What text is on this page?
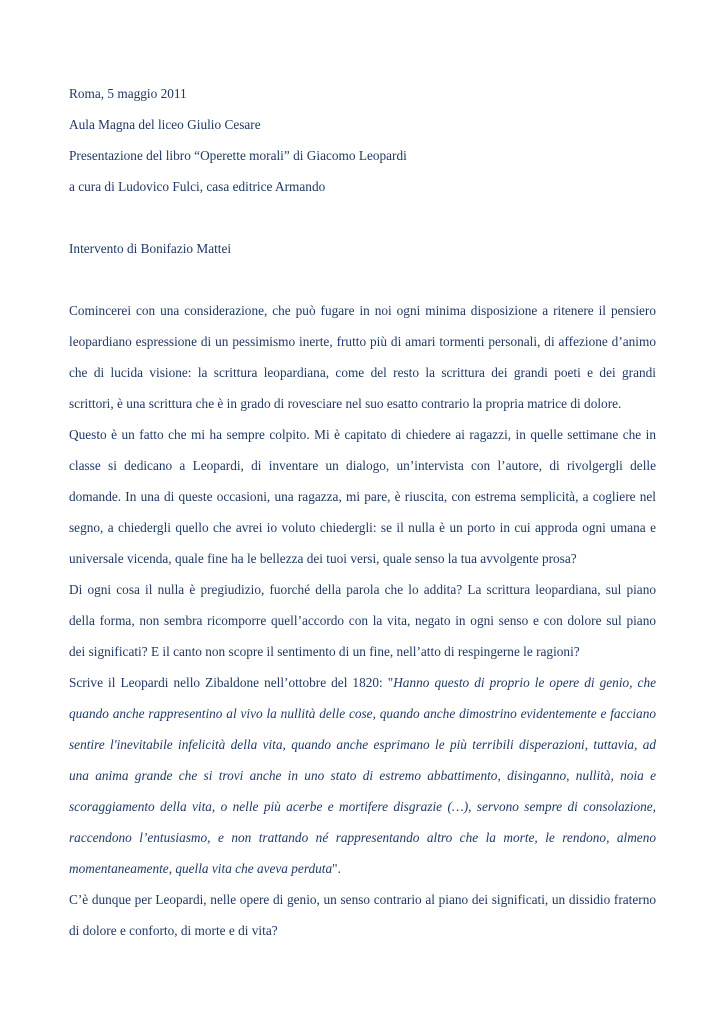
Roma, 5 maggio 2011
Aula Magna del liceo Giulio Cesare
Presentazione del libro “Operette morali” di Giacomo Leopardi
a cura di Ludovico Fulci, casa editrice Armando
Intervento di Bonifazio Mattei
Comincerei con una considerazione, che può fugare in noi ogni minima disposizione a ritenere il pensiero
leopardiano espressione di un pessimismo inerte, frutto più di amari tormenti personali, di affezione d’animo
che di lucida visione: la scrittura leopardiana, come del resto la scrittura dei grandi poeti e dei grandi
scrittori, è una scrittura che è in grado di rovesciare nel suo esatto contrario la propria matrice di dolore.
Questo è un fatto che mi ha sempre colpito. Mi è capitato di chiedere ai ragazzi, in quelle settimane che in
classe si dedicano a Leopardi, di inventare un dialogo, un’intervista con l’autore, di rivolgergli delle
domande. In una di queste occasioni, una ragazza, mi pare, è riuscita, con estrema semplicità, a cogliere nel
segno, a chiedergli quello che avrei io voluto chiedergli: se il nulla è un porto in cui approda ogni umana e
universale vicenda, quale fine ha le bellezza dei tuoi versi, quale senso la tua avvolgente prosa?
Di ogni cosa il nulla è pregiudizio, fuorché della parola che lo addita? La scrittura leopardiana, sul piano
della forma, non sembra ricomporre quell’accordo con la vita, negato in ogni senso e con dolore sul piano
dei significati? E il canto non scopre il sentimento di un fine, nell’atto di respingerne le ragioni?
Scrive il Leopardi nello Zibaldone nell’ottobre del 1820: "Hanno questo di proprio le opere di genio, che
quando anche rappresentino al vivo la nullità delle cose, quando anche dimostrino evidentemente e facciano
sentire l'inevitabile infelicità della vita, quando anche esprimano le più terribili disperazioni, tuttavia, ad
una anima grande che si trovi anche in uno stato di estremo abbattimento, disinganno, nullità, noia e
scoraggiamento della vita, o nelle più acerbe e mortifere disgrazie (…), servono sempre di consolazione,
raccendono l’entusiasmo, e non trattando né rappresentando altro che la morte, le rendono, almeno
momentaneamente, quella vita che aveva perduta".
C’è dunque per Leopardi, nelle opere di genio, un senso contrario al piano dei significati, un dissidio fraterno
di dolore e conforto, di morte e di vita?
